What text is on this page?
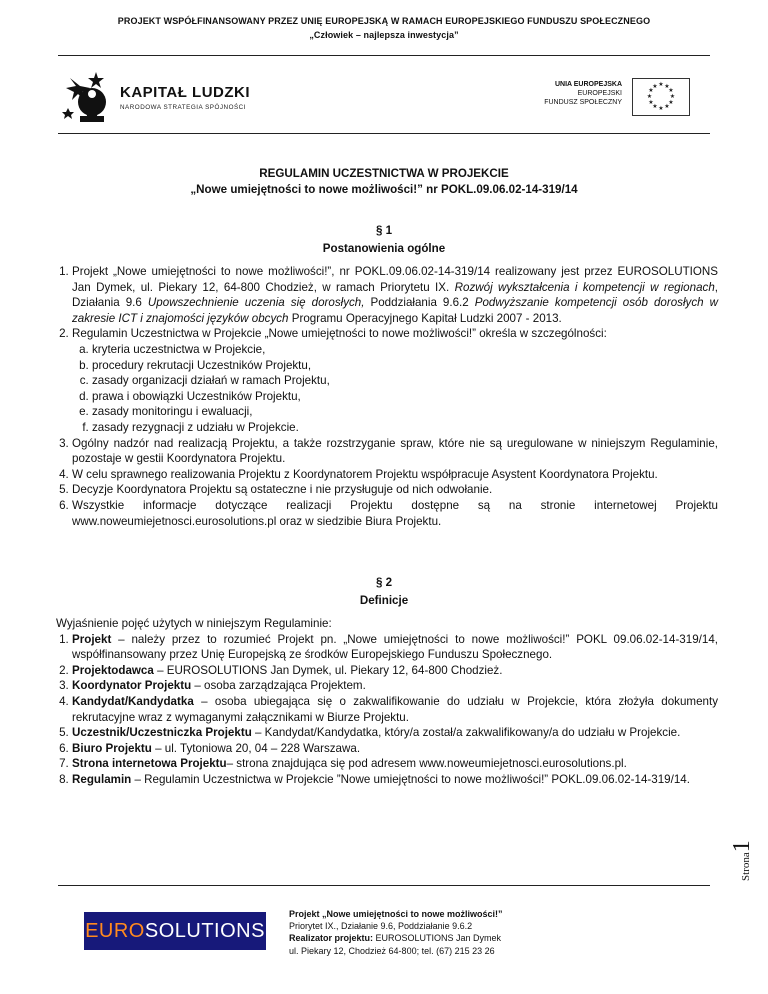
PROJEKT WSPÓŁFINANSOWANY PRZEZ UNIĘ EUROPEJSKĄ W RAMACH EUROPEJSKIEGO FUNDUSZU SPOŁECZNEGO
„Człowiek – najlepsza inwestycja”
KAPITAŁ LUDZKI
NARODOWA STRATEGIA SPÓJNOŚCI
UNIA EUROPEJSKA
EUROPEJSKI
FUNDUSZ SPOŁECZNY
★ ★
★
★
★
★
★
★
★
★
★
★
REGULAMIN UCZESTNICTWA W PROJEKCIE
„Nowe umiejętności to nowe możliwości!” nr POKL.09.06.02-14-319/14
§ 1
Postanowienia ogólne
1. Projekt „Nowe umiejętności to nowe możliwości!”, nr POKL.09.06.02-14-319/14 realizowany jest przez EUROSOLUTIONS Jan Dymek, ul. Piekary 12, 64-800 Chodzież, w ramach Priorytetu IX. Rozwój wykształcenia i kompetencji w regionach, Działania 9.6 Upowszechnienie uczenia się dorosłych, Poddziałania 9.6.2 Podwyższanie kompetencji osób dorosłych w zakresie ICT i znajomości języków obcych Programu Operacyjnego Kapitał Ludzki 2007 - 2013.
2. Regulamin Uczestnictwa w Projekcie „Nowe umiejętności to nowe możliwości!” określa w szczególności:
a. kryteria uczestnictwa w Projekcie,
b. procedury rekrutacji Uczestników Projektu,
c. zasady organizacji działań w ramach Projektu,
d. prawa i obowiązki Uczestników Projektu,
e. zasady monitoringu i ewaluacji,
f. zasady rezygnacji z udziału w Projekcie.
3. Ogólny nadzór nad realizacją Projektu, a także rozstrzyganie spraw, które nie są uregulowane w niniejszym Regulaminie, pozostaje w gestii Koordynatora Projektu.
4. W celu sprawnego realizowania Projektu z Koordynatorem Projektu współpracuje Asystent Koordynatora Projektu.
5. Decyzje Koordynatora Projektu są ostateczne i nie przysługuje od nich odwołanie.
6. Wszystkie informacje dotyczące realizacji Projektu dostępne są na stronie internetowej Projektu www.noweumiejetnosci.eurosolutions.pl oraz w siedzibie Biura Projektu.
§ 2
Definicje

Wyjaśnienie pojęć użytych w niniejszym Regulaminie:

1. Projekt – należy przez to rozumieć Projekt pn. „Nowe umiejętności to nowe możliwości!” POKL 09.06.02-14-319/14, współfinansowany przez Unię Europejską ze środków Europejskiego Funduszu Społecznego.
2. Projektodawca – EUROSOLUTIONS Jan Dymek, ul. Piekary 12, 64-800 Chodzież.
3. Koordynator Projektu – osoba zarządzająca Projektem.
4. Kandydat/Kandydatka – osoba ubiegająca się o zakwalifikowanie do udziału w Projekcie, która złożyła dokumenty rekrutacyjne wraz z wymaganymi załącznikami w Biurze Projektu.
5. Uczestnik/Uczestniczka Projektu – Kandydat/Kandydatka, który/a został/a zakwalifikowany/a do udziału w Projekcie.
6. Biuro Projektu – ul. Tytoniowa 20, 04 – 228 Warszawa.
7. Strona internetowa Projektu– strona znajdująca się pod adresem www.noweumiejetnosci.eurosolutions.pl.
8. Regulamin – Regulamin Uczestnictwa w Projekcie ”Nowe umiejętności to nowe możliwości!” POKL.09.06.02-14-319/14.
Strona1
EUROSOLUTIONS
Projekt „Nowe umiejętności to nowe możliwości!”
Priorytet IX., Działanie 9.6, Poddziałanie 9.6.2
Realizator projektu: EUROSOLUTIONS Jan Dymek
ul. Piekary 12, Chodzież 64-800; tel. (67) 215 23 26
